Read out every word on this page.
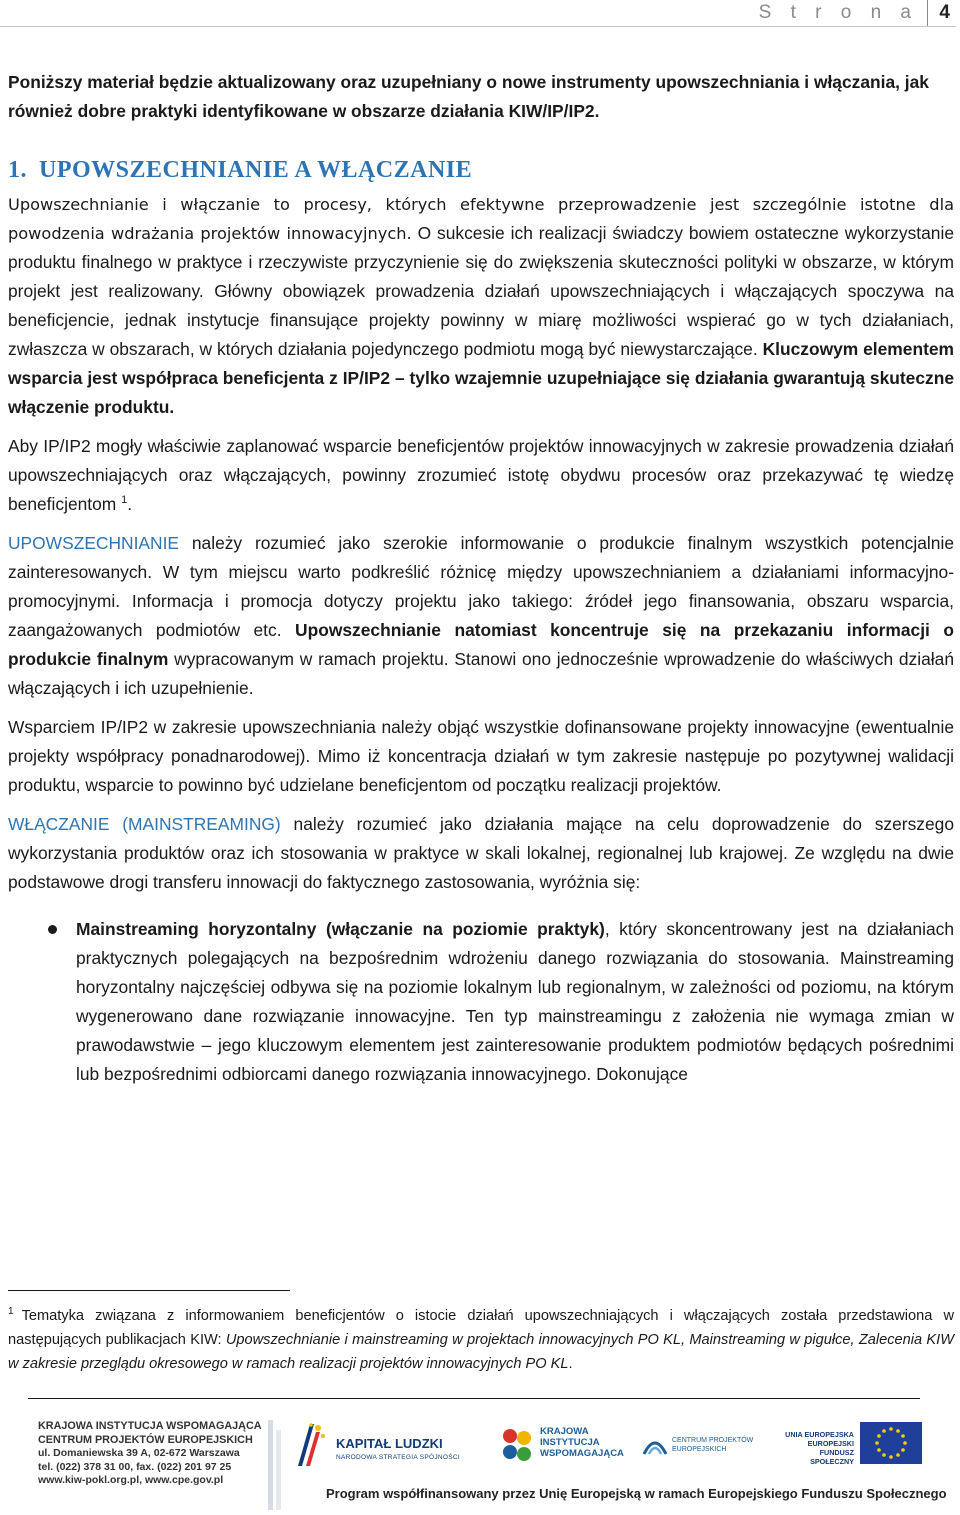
S t r o n a 4

Poniższy materiał będzie aktualizowany oraz uzupełniany o nowe instrumenty upowszechniania i włączania, jak również dobre praktyki identyfikowane w obszarze działania KIW/IP/IP2.

1. UPOWSZECHNIANIE A WŁĄCZANIE

Upowszechnianie i włączanie to procesy, których efektywne przeprowadzenie jest szczególnie istotne dla powodzenia wdrażania projektów innowacyjnych. O sukcesie ich realizacji świadczy bowiem ostateczne wykorzystanie produktu finalnego w praktyce i rzeczywiste przyczynienie się do zwiększenia skuteczności polityki w obszarze, w którym projekt jest realizowany. Główny obowiązek prowadzenia działań upowszechniających i włączających spoczywa na beneficjencie, jednak instytucje finansujące projekty powinny w miarę możliwości wspierać go w tych działaniach, zwłaszcza w obszarach, w których działania pojedynczego podmiotu mogą być niewystarczające. Kluczowym elementem wsparcia jest współpraca beneficjenta z IP/IP2 – tylko wzajemnie uzupełniające się działania gwarantują skuteczne włączenie produktu.

Aby IP/IP2 mogły właściwie zaplanować wsparcie beneficjentów projektów innowacyjnych w zakresie prowadzenia działań upowszechniających oraz włączających, powinny zrozumieć istotę obydwu procesów oraz przekazywać tę wiedzę beneficjentom $^1$.

UPOWSZECHNIANIE należy rozumieć jako szerokie informowanie o produkcie finalnym wszystkich potencjalnie zainteresowanych. W tym miejscu warto podkreślić różnicę między upowszechnianiem a działaniami informacyjno-promocyjnymi. Informacja i promocja dotyczy projektu jako takiego: źródeł jego finansowania, obszaru wsparcia, zaangażowanych podmiotów etc. Upowszechnianie natomiast koncentruje się na przekazaniu informacji o produkcie finalnym wypracowanym w ramach projektu. Stanowi ono jednocześnie wprowadzenie do właściwych działań włączających i ich uzupełnienie.

Wsparciem IP/IP2 w zakresie upowszechniania należy objąć wszystkie dofinansowane projekty innowacyjne (ewentualnie projekty współpracy ponadnarodowej). Mimo iż koncentracja działań w tym zakresie następuje po pozytywnej walidacji produktu, wsparcie to powinno być udzielane beneficjentom od początku realizacji projektów.

WŁĄCZANIE (MAINSTREAMING) należy rozumieć jako działania mające na celu doprowadzenie do szerszego wykorzystania produktów oraz ich stosowania w praktyce w skali lokalnej, regionalnej lub krajowej. Ze względu na dwie podstawowe drogi transferu innowacji do faktycznego zastosowania, wyróżnia się:

Mainstreaming horyzontalny (włączanie na poziomie praktyk), który skoncentrowany jest na działaniach praktycznych polegających na bezpośrednim wdrożeniu danego rozwiązania do stosowania. Mainstreaming horyzontalny najczęściej odbywa się na poziomie lokalnym lub regionalnym, w zależności od poziomu, na którym wygenerowano dane rozwiązanie innowacyjne. Ten typ mainstreamingu z założenia nie wymaga zmian w prawodawstwie – jego kluczowym elementem jest zainteresowanie produktem podmiotów będących pośrednimi lub bezpośrednimi odbiorcami danego rozwiązania innowacyjnego. Dokonujące
$^1$ Tematyka związana z informowaniem beneficjentów o istocie działań upowszechniających i włączających została przedstawiona w następujących publikacjach KIW: Upowszechnianie i mainstreaming w projektach innowacyjnych PO KL, Mainstreaming w pigułce, Zalecenia KIW w zakresie przeglądu okresowego w ramach realizacji projektów innowacyjnych PO KL.
KRAJOWA INSTYTUCJA WSPOMAGAJĄCA
CENTRUM PROJEKTÓW EUROPEJSKICH
ul. Domaniewska 39 A, 02-672 Warszawa
tel. (022) 378 31 00, fax. (022) 201 97 25
www.kiw-pokl.org.pl, www.cpe.gov.pl
KAPITAŁ LUDZKI
NARODOWA STRATEGIA SPÓJNOŚCI
KRAJOWA
INSTYTUCJA
WSPOMAGAJĄCA
CENTRUM PROJEKTÓW
EUROPEJSKICH
UNIA EUROPEJSKA
EUROPEJSKI
FUNDUSZ SPOŁECZNY
Program współfinansowany przez Unię Europejską w ramach Europejskiego Funduszu Społecznego
